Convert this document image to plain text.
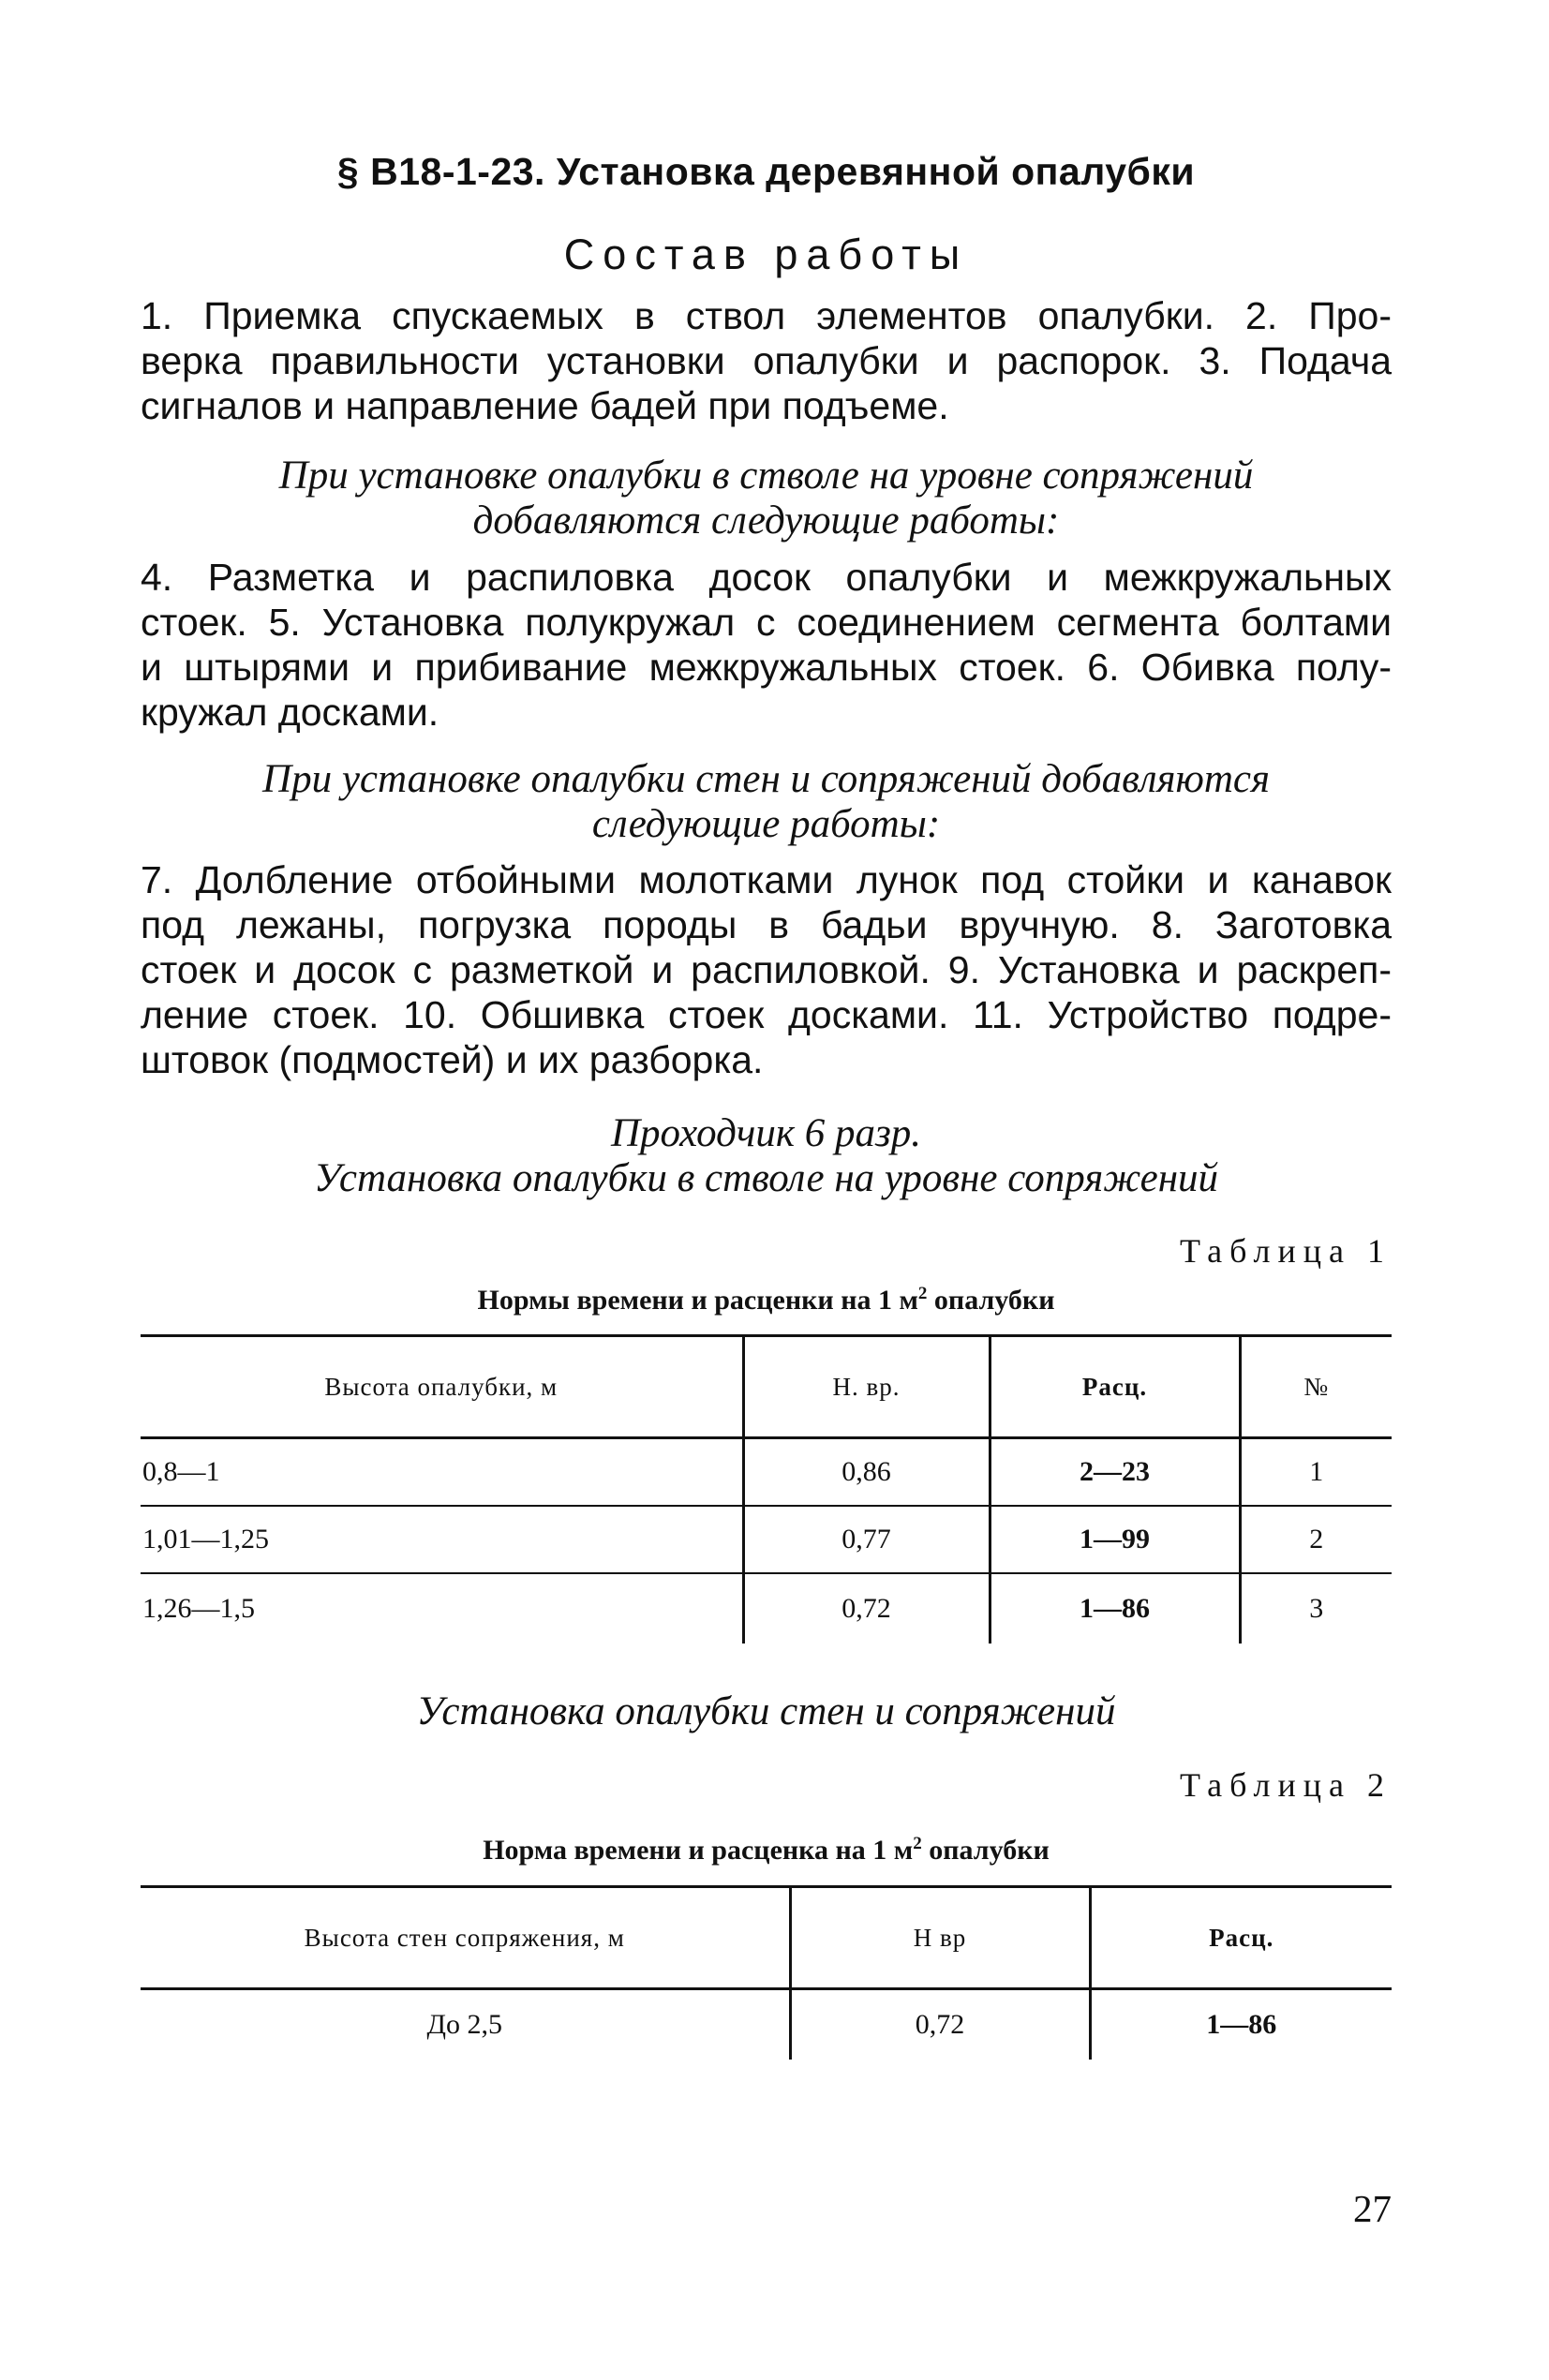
§ В18-1-23. Установка деревянной опалубки
Состав работы
1. Приемка спускаемых в ствол элементов опалубки. 2. Про-
верка правильности установки опалубки и распорок. 3. Подача
сигналов и направление бадей при подъеме.
При установке опалубки в стволе на уровне сопряжений
добавляются следующие работы:
4. Разметка и распиловка досок опалубки и межкружальных
стоек. 5. Установка полукружал с соединением сегмента болтами
и штырями и прибивание межкружальных стоек. 6. Обивка полу-
кружал досками.
При установке опалубки стен и сопряжений добавляются
следующие работы:
7. Долбление отбойными молотками лунок под стойки и канавок
под лежаны, погрузка породы в бадьи вручную. 8. Заготовка
стоек и досок с разметкой и распиловкой. 9. Установка и раскреп-
ление стоек. 10. Обшивка стоек досками. 11. Устройство подре-
штовок (подмостей) и их разборка.
Проходчик 6 разр.
Установка опалубки в стволе на уровне сопряжений
Таблица 1
Нормы времени и расценки на 1 $м^2$ опалубки
Высота опалубки, м	Н. вр.	Расц.	№
0,8—1	0,86	2—23	1
1,01—1,25	0,77	1—99	2
1,26—1,5	0,72	1—86	3
Установка опалубки стен и сопряжений
Таблица 2
Норма времени и расценка на 1 $м^2$ опалубки
Высота стен сопряжения, м	Н вр	Расц.
До 2,5	0,72	1—86
27
